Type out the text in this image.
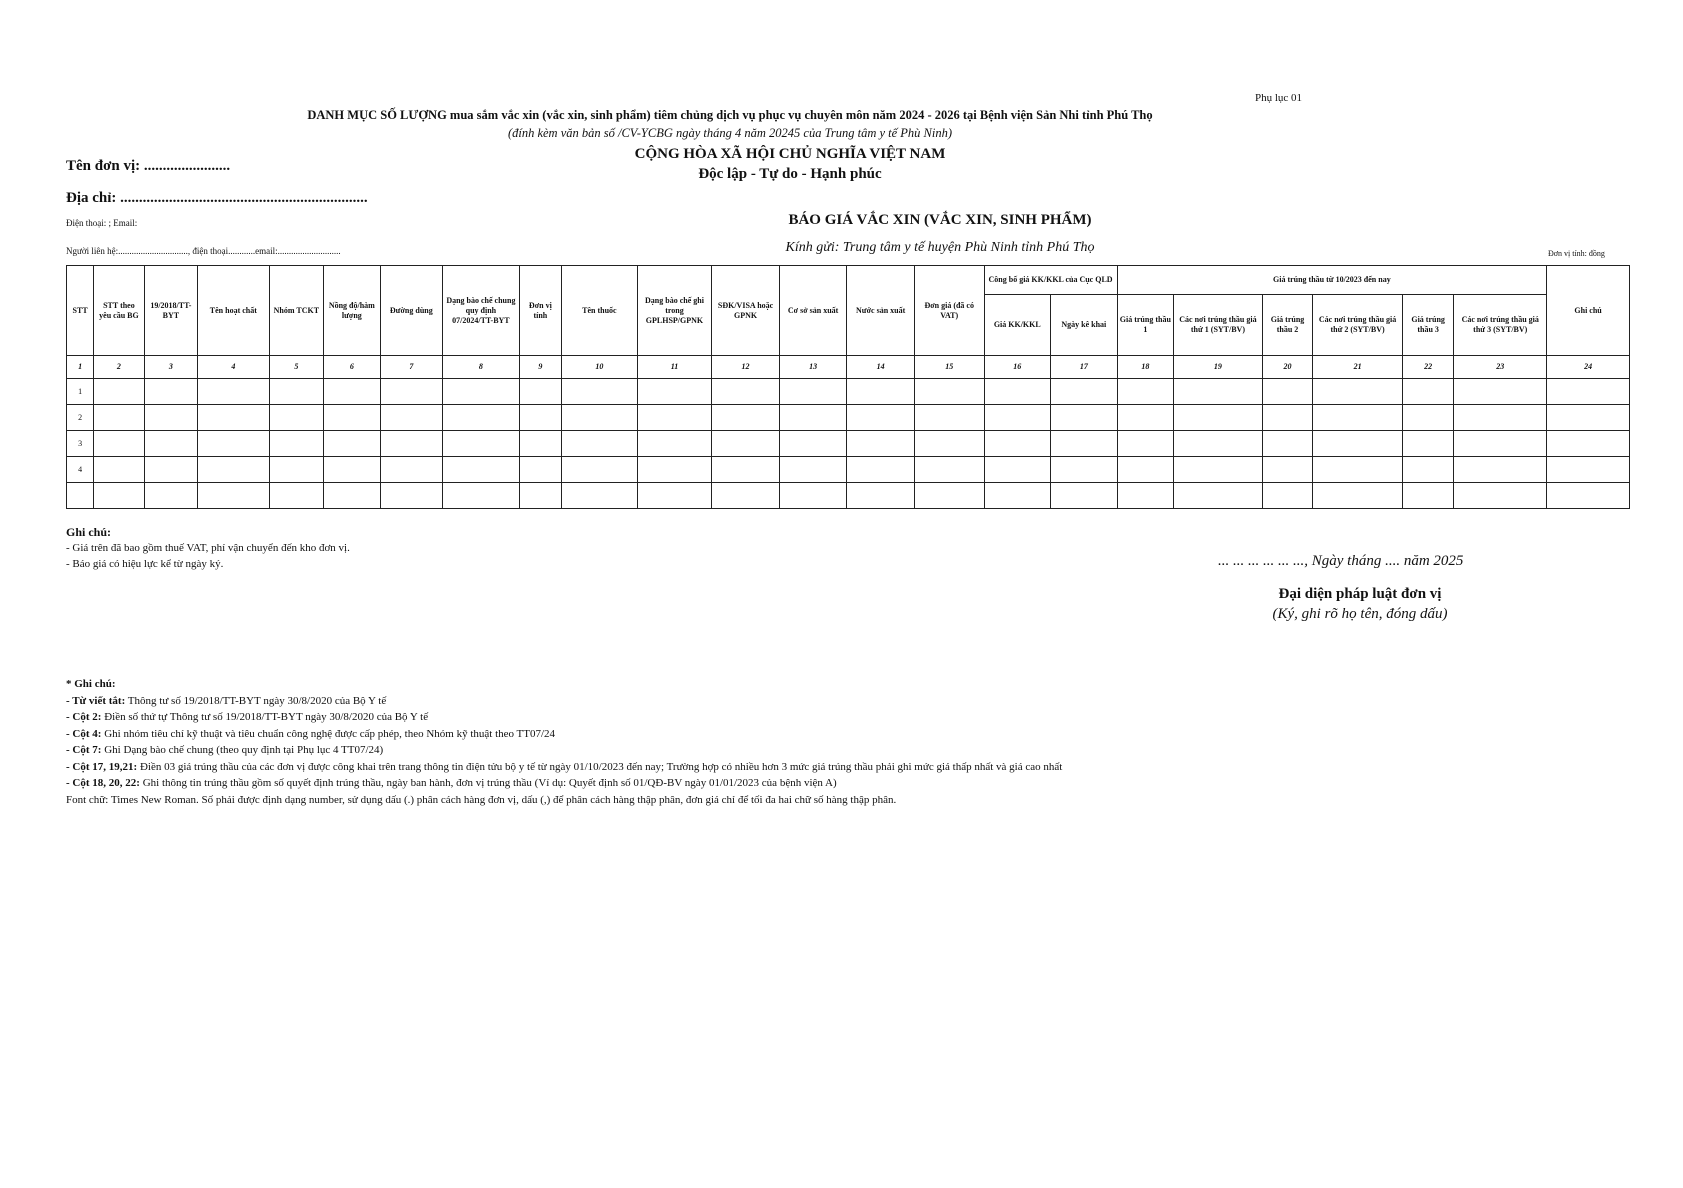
Phụ lục 01
DANH MỤC SỐ LƯỢNG mua sắm vắc xin (vắc xin, sinh phẩm) tiêm chủng dịch vụ phục vụ chuyên môn năm 2024 - 2026 tại Bệnh viện Sản Nhi tỉnh Phú Thọ
(đính kèm văn bản số /CV-YCBG ngày tháng 4 năm 20245 của Trung tâm y tế Phù Ninh)
CỘNG HÒA XÃ HỘI CHỦ NGHĨA VIỆT NAM
Độc lập - Tự do - Hạnh phúc
Tên đơn vị: .......................
Địa chỉ: ..................................................................
Điện thoại: ; Email:
Người liên hệ:..............................., điện thoại............email:............................
BÁO GIÁ VẮC XIN (VẮC XIN, SINH PHẨM)
Kính gửi: Trung tâm y tế huyện Phù Ninh tỉnh Phú Thọ	Đơn vị tính: đồng
STT	STT theo yêu cầu BG	19/2018/TT-BYT	Tên hoạt chất	Nhóm TCKT	Nồng độ/hàm lượng	Đường dùng	Dạng bào chế chung quy định 07/2024/TT-BYT	Đơn vị tính	Tên thuốc	Dạng bào chế ghi trong GPLHSP/GPNK	SĐK/VISA hoặc GPNK	Cơ sở sản xuất	Nước sản xuất	Đơn giá (đã có VAT)	Công bố giá KK/KKL của Cục QLD		Giá trúng thầu từ 10/2023 đến nay						Ghi chú
															Giá KK/KKL	Ngày kê khai	Giá trúng thầu 1	Các nơi trúng thầu giá thứ 1 (SYT/BV)	Giá trúng thầu 2	Các nơi trúng thầu giá thứ 2 (SYT/BV)	Giá trúng thầu 3	Các nơi trúng thầu giá thứ 3 (SYT/BV)	
1	2	3	4	5	6	7	8	9	10	11	12	13	14	15	16	17	18	19	20	21	22	23	24
1																							
2																							
3																							
4																							

Ghi chú:
- Giá trên đã bao gồm thuế VAT, phí vận chuyển đến kho đơn vị.
- Báo giá có hiệu lực kể từ ngày ký.	... ... ... ... ... ..., Ngày tháng .... năm 2025
Đại diện pháp luật đơn vị
(Ký, ghi rõ họ tên, đóng dấu)
* Ghi chú:
- Từ viết tắt: Thông tư số 19/2018/TT-BYT ngày 30/8/2020 của Bộ Y tế
- Cột 2: Điền số thứ tự Thông tư số 19/2018/TT-BYT ngày 30/8/2020 của Bộ Y tế
- Cột 4: Ghi nhóm tiêu chí kỹ thuật và tiêu chuẩn công nghệ được cấp phép, theo Nhóm kỹ thuật theo TT07/24
- Cột 7: Ghi Dạng bào chế chung (theo quy định tại Phụ lục 4 TT07/24)
- Cột 17, 19,21: Điền 03 giá trúng thầu của các đơn vị được công khai trên trang thông tin điện tửu bộ y tế từ ngày 01/10/2023 đến nay; Trường hợp có nhiều hơn 3 mức giá trúng thầu phải ghi mức giá thấp nhất và giá cao nhất
- Cột 18, 20, 22: Ghi thông tin trúng thầu gồm số quyết định trúng thầu, ngày ban hành, đơn vị trúng thầu (Ví dụ: Quyết định số 01/QĐ-BV ngày 01/01/2023 của bệnh viện A)
Font chữ: Times New Roman. Số phải được định dạng number, sử dụng dấu (.) phân cách hàng đơn vị, dấu (,) để phân cách hàng thập phân, đơn giá chỉ để tối đa hai chữ số hàng thập phân.
